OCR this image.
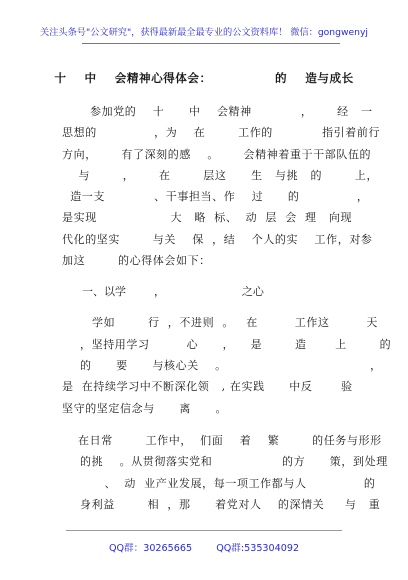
关注头条号"公文研究"，获得最新最全最专业的公文资料库！ 微信：gongwenyj
十    中    会精神心得体会：              的    造与成长
参加党的    十      中    会精神            ，      经   一
思想的              ，为    在        工作的            指引着前行
方向，      有了深刻的感    。      会精神着重于干部队伍的
与        ，      在        层这      生   与挑   的        上，
造一支            、干事担当、作    过      的              ，
是实现                  大   略  标、  动  层  会  理   向现
代化的坚实        与关    保  ，结    个人的实    工作，对参
加这        的心得体会如下：
一、以学        ，                      之心
学如        行  ，不进则  。   在         工作这         天
，坚持用学习         心      ，    是        造       上        的
的      要      与核心关    。                                   ，
是  在持续学习中不断深化领   , 在实践      中反       验
坚守的坚定信念与      离      。
在日常        工作中，  们面    着    繁        的任务与形形
的挑    。从贯彻落实党和                 的方      策，到处理
、  动  业产业发展，每一项工作都与人              的
身利益        相  ，那      着党对人    的深情关     与   重
QQ群：30265665	QQ群:535304092
